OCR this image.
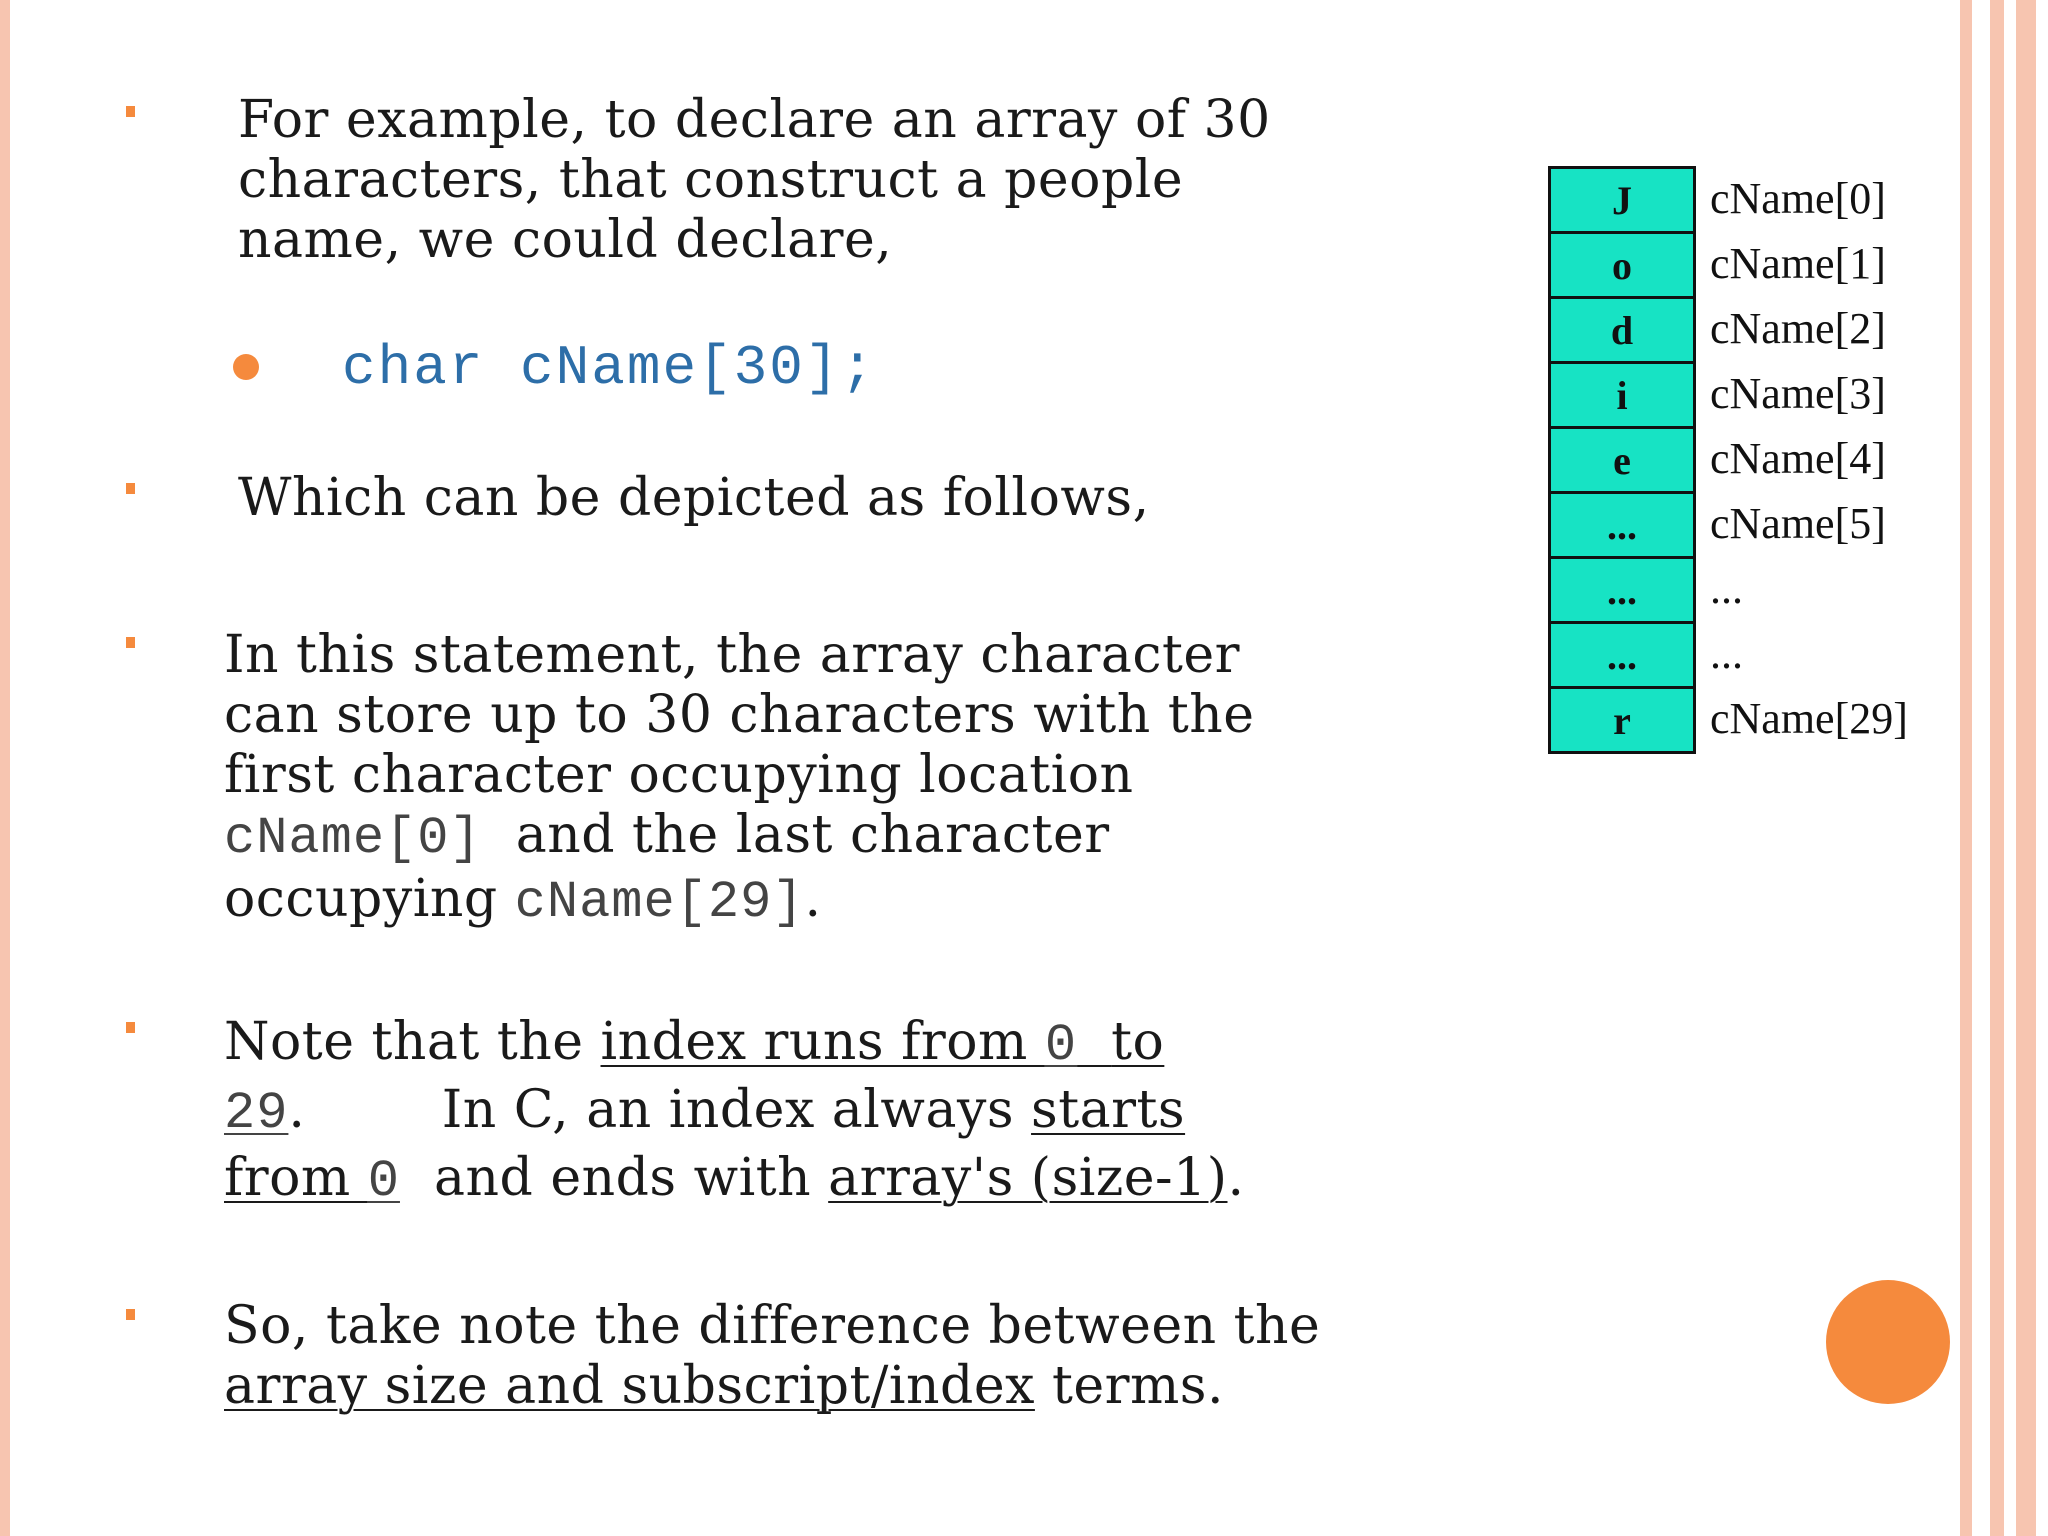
For example, to declare an array of 30
characters, that construct a people
name, we could declare,
char cName[30];
Which can be depicted as follows,
In this statement, the array character
can store up to 30 characters with the
first character occupying location
cName[0] and the last character
occupying cName[29].
Note that the index runs from 0 to
29.	In C, an index always starts
from 0 and ends with array's (size-1).
So, take note the difference between the
array size and subscript/index terms.
J
o
d
i
e
...
...
...
r
cName[0]
cName[1]
cName[2]
cName[3]
cName[4]
cName[5]
...
...
cName[29]
